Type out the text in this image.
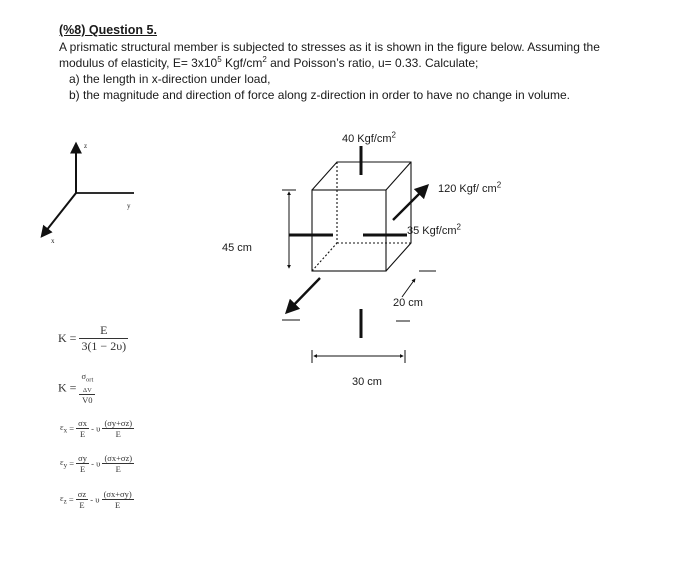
(%8) Question 5.

A prismatic structural member is subjected to stresses as it is shown in the figure below. Assuming the

modulus of elasticity, $E= 3x10^5$ Kgf/$cm^2$ and Poisson’s ratio, u= 0.33. Calculate;

a) the length in x-direction under load,
b) the magnitude and direction of force along z-direction in order to have no change in volume.
z
y
x
40 Kgf/$cm^2$
120 Kgf/ $cm^2$
35 Kgf/$cm^2$
45 cm
20 cm
30 cm
$K = \frac{E}{3(1 - 2\upsilon)}$
K =
$\sigma_{ort}$
ΔV
V0
$\varepsilon_x = \frac{\sigma x}{E} - \upsilon \frac{(\sigma y+\sigma z)}{E}$
$\varepsilon_y = \frac{\sigma y}{E} - \upsilon \frac{(\sigma x+\sigma z)}{E}$
$\varepsilon_z = \frac{\sigma z}{E} - \upsilon \frac{(\sigma x+\sigma y)}{E}$
